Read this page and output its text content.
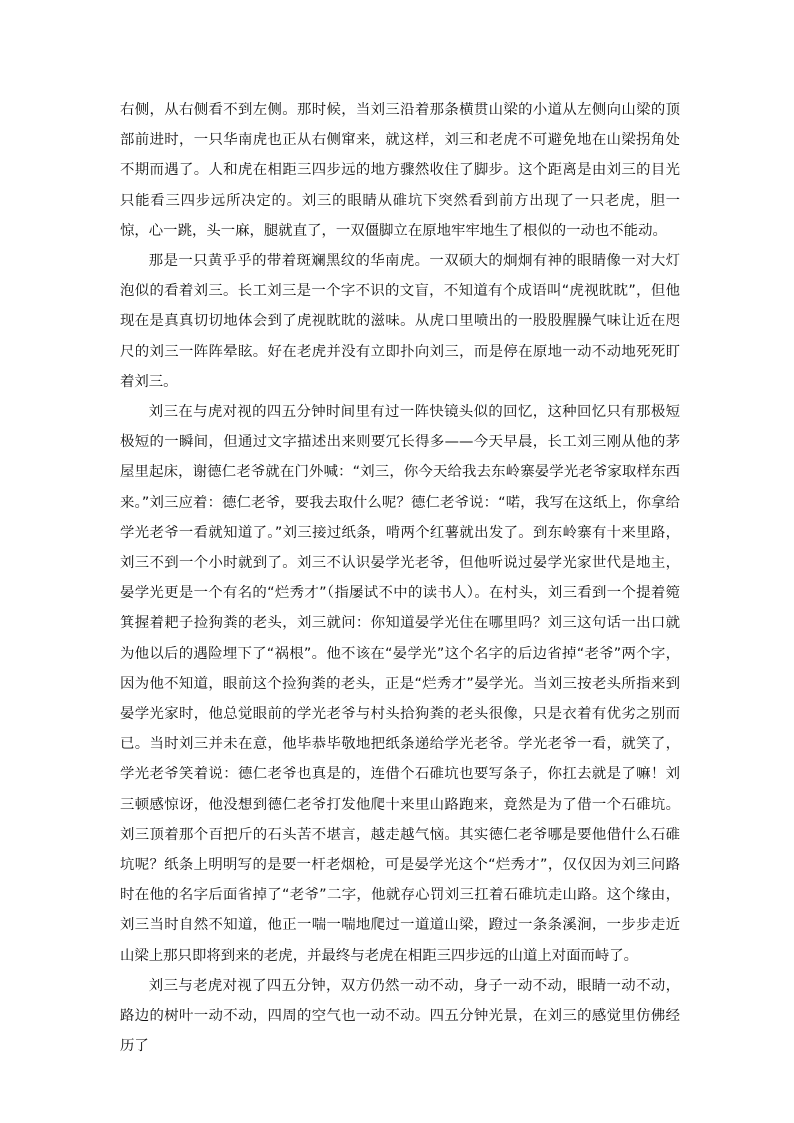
右侧，从右侧看不到左侧。那时候，当刘三沿着那条横贯山梁的小道从左侧向山梁的顶部前进时，一只华南虎也正从右侧窜来，就这样，刘三和老虎不可避免地在山梁拐角处不期而遇了。人和虎在相距三四步远的地方骤然收住了脚步。这个距离是由刘三的目光只能看三四步远所决定的。刘三的眼睛从碓坑下突然看到前方出现了一只老虎，胆一惊，心一跳，头一麻，腿就直了，一双僵脚立在原地牢牢地生了根似的一动也不能动。

那是一只黄乎乎的带着斑斓黑纹的华南虎。一双硕大的炯炯有神的眼睛像一对大灯泡似的看着刘三。长工刘三是一个字不识的文盲，不知道有个成语叫“虎视眈眈”，但他现在是真真切切地体会到了虎视眈眈的滋味。从虎口里喷出的一股股腥臊气味让近在咫尺的刘三一阵阵晕眩。好在老虎并没有立即扑向刘三，而是停在原地一动不动地死死盯着刘三。

刘三在与虎对视的四五分钟时间里有过一阵快镜头似的回忆，这种回忆只有那极短极短的一瞬间，但通过文字描述出来则要冗长得多——今天早晨，长工刘三刚从他的茅屋里起床，谢德仁老爷就在门外喊：“刘三，你今天给我去东岭寨晏学光老爷家取样东西来。”刘三应着：德仁老爷，要我去取什么呢？德仁老爷说：“喏，我写在这纸上，你拿给学光老爷一看就知道了。”刘三接过纸条，啃两个红薯就出发了。到东岭寨有十来里路，刘三不到一个小时就到了。刘三不认识晏学光老爷，但他听说过晏学光家世代是地主，晏学光更是一个有名的“烂秀才”（指屡试不中的读书人）。在村头，刘三看到一个提着箢箕握着耙子捡狗粪的老头，刘三就问：你知道晏学光住在哪里吗？刘三这句话一出口就为他以后的遇险埋下了“祸根”。他不该在“晏学光”这个名字的后边省掉“老爷”两个字，因为他不知道，眼前这个捡狗粪的老头，正是“烂秀才”晏学光。当刘三按老头所指来到晏学光家时，他总觉眼前的学光老爷与村头拾狗粪的老头很像，只是衣着有优劣之别而已。当时刘三并未在意，他毕恭毕敬地把纸条递给学光老爷。学光老爷一看，就笑了，学光老爷笑着说：德仁老爷也真是的，连借个石碓坑也要写条子，你扛去就是了嘛！刘三顿感惊讶，他没想到德仁老爷打发他爬十来里山路跑来，竟然是为了借一个石碓坑。刘三顶着那个百把斤的石头苦不堪言，越走越气恼。其实德仁老爷哪是要他借什么石碓坑呢？纸条上明明写的是要一杆老烟枪，可是晏学光这个“烂秀才”，仅仅因为刘三问路时在他的名字后面省掉了“老爷”二字，他就存心罚刘三扛着石碓坑走山路。这个缘由，刘三当时自然不知道，他正一喘一喘地爬过一道道山梁，蹬过一条条溪涧，一步步走近山梁上那只即将到来的老虎，并最终与老虎在相距三四步远的山道上对面而峙了。

刘三与老虎对视了四五分钟，双方仍然一动不动，身子一动不动，眼睛一动不动，路边的树叶一动不动，四周的空气也一动不动。四五分钟光景，在刘三的感觉里仿佛经历了
